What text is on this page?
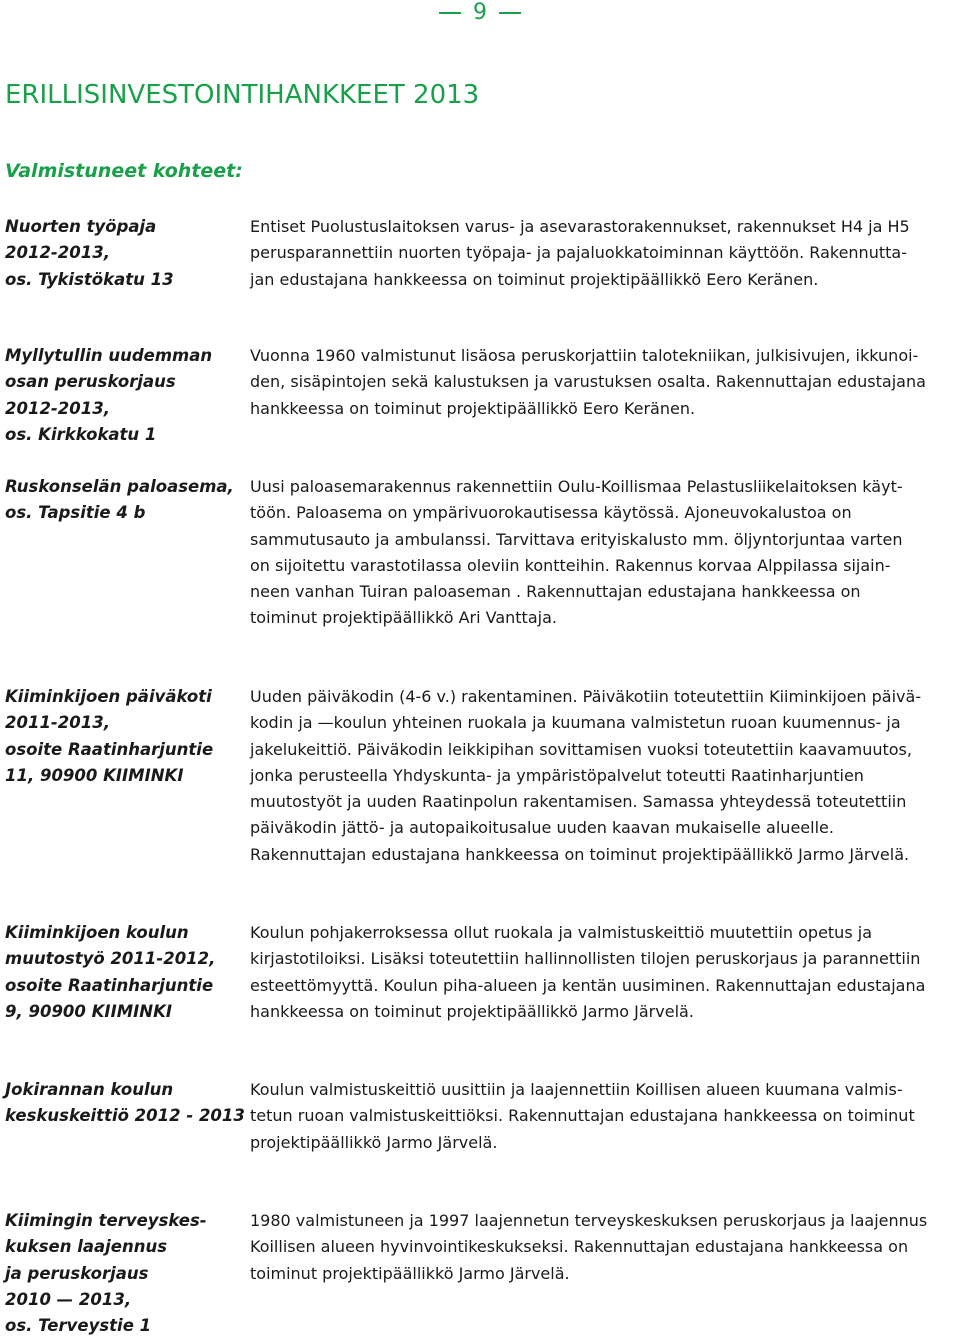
9
ERILLISINVESTOINTIHANKKEET 2013
Valmistuneet kohteet:
Nuorten työpaja
2012-2013,
os. Tykistökatu 13
Entiset Puolustuslaitoksen varus- ja asevarastorakennukset, rakennukset H4 ja H5
perusparannettiin nuorten työpaja- ja pajaluokkatoiminnan käyttöön. Rakennutta-
jan edustajana hankkeessa on toiminut projektipäällikkö Eero Keränen.
Myllytullin uudemman
osan peruskorjaus
2012-2013,
os. Kirkkokatu 1
Vuonna 1960 valmistunut lisäosa peruskorjattiin talotekniikan, julkisivujen, ikkunoi-
den, sisäpintojen sekä kalustuksen ja varustuksen osalta. Rakennuttajan edustajana
hankkeessa on toiminut projektipäällikkö Eero Keränen.
Ruskonselän paloasema,
os. Tapsitie 4 b
Uusi paloasemarakennus rakennettiin Oulu-Koillismaa Pelastusliikelaitoksen käyt-
töön. Paloasema on ympärivuorokautisessa käytössä. Ajoneuvokalustoa on
sammutusauto ja ambulanssi. Tarvittava erityiskalusto mm. öljyntorjuntaa varten
on sijoitettu varastotilassa oleviin kontteihin. Rakennus korvaa Alppilassa sijain-
neen vanhan Tuiran paloaseman . Rakennuttajan edustajana hankkeessa on
toiminut projektipäällikkö Ari Vanttaja.
Kiiminkijoen päiväkoti
2011-2013,
osoite Raatinharjuntie
11, 90900 KIIMINKI
Uuden päiväkodin (4-6 v.) rakentaminen. Päiväkotiin toteutettiin Kiiminkijoen päivä-
kodin ja —koulun yhteinen ruokala ja kuumana valmistetun ruoan kuumennus- ja
jakelukeittiö. Päiväkodin leikkipihan sovittamisen vuoksi toteutettiin kaavamuutos,
jonka perusteella Yhdyskunta- ja ympäristöpalvelut toteutti Raatinharjuntien
muutostyöt ja uuden Raatinpolun rakentamisen. Samassa yhteydessä toteutettiin
päiväkodin jättö- ja autopaikoitusalue uuden kaavan mukaiselle alueelle.
Rakennuttajan edustajana hankkeessa on toiminut projektipäällikkö Jarmo Järvelä.
Kiiminkijoen koulun
muutostyö 2011-2012,
osoite Raatinharjuntie
9, 90900 KIIMINKI
Koulun pohjakerroksessa ollut ruokala ja valmistuskeittiö muutettiin opetus ja
kirjastotiloiksi. Lisäksi toteutettiin hallinnollisten tilojen peruskorjaus ja parannettiin
esteettömyyttä. Koulun piha-alueen ja kentän uusiminen. Rakennuttajan edustajana
hankkeessa on toiminut projektipäällikkö Jarmo Järvelä.
Jokirannan koulun
keskuskeittiö 2012 - 2013
Koulun valmistuskeittiö uusittiin ja laajennettiin Koillisen alueen kuumana valmis-
tetun ruoan valmistuskeittiöksi. Rakennuttajan edustajana hankkeessa on toiminut
projektipäällikkö Jarmo Järvelä.
Kiimingin terveyskes-
kuksen laajennus
ja peruskorjaus
2010 — 2013,
os. Terveystie 1
1980 valmistuneen ja 1997 laajennetun terveyskeskuksen peruskorjaus ja laajennus
Koillisen alueen hyvinvointikeskukseksi. Rakennuttajan edustajana hankkeessa on
toiminut projektipäällikkö Jarmo Järvelä.
